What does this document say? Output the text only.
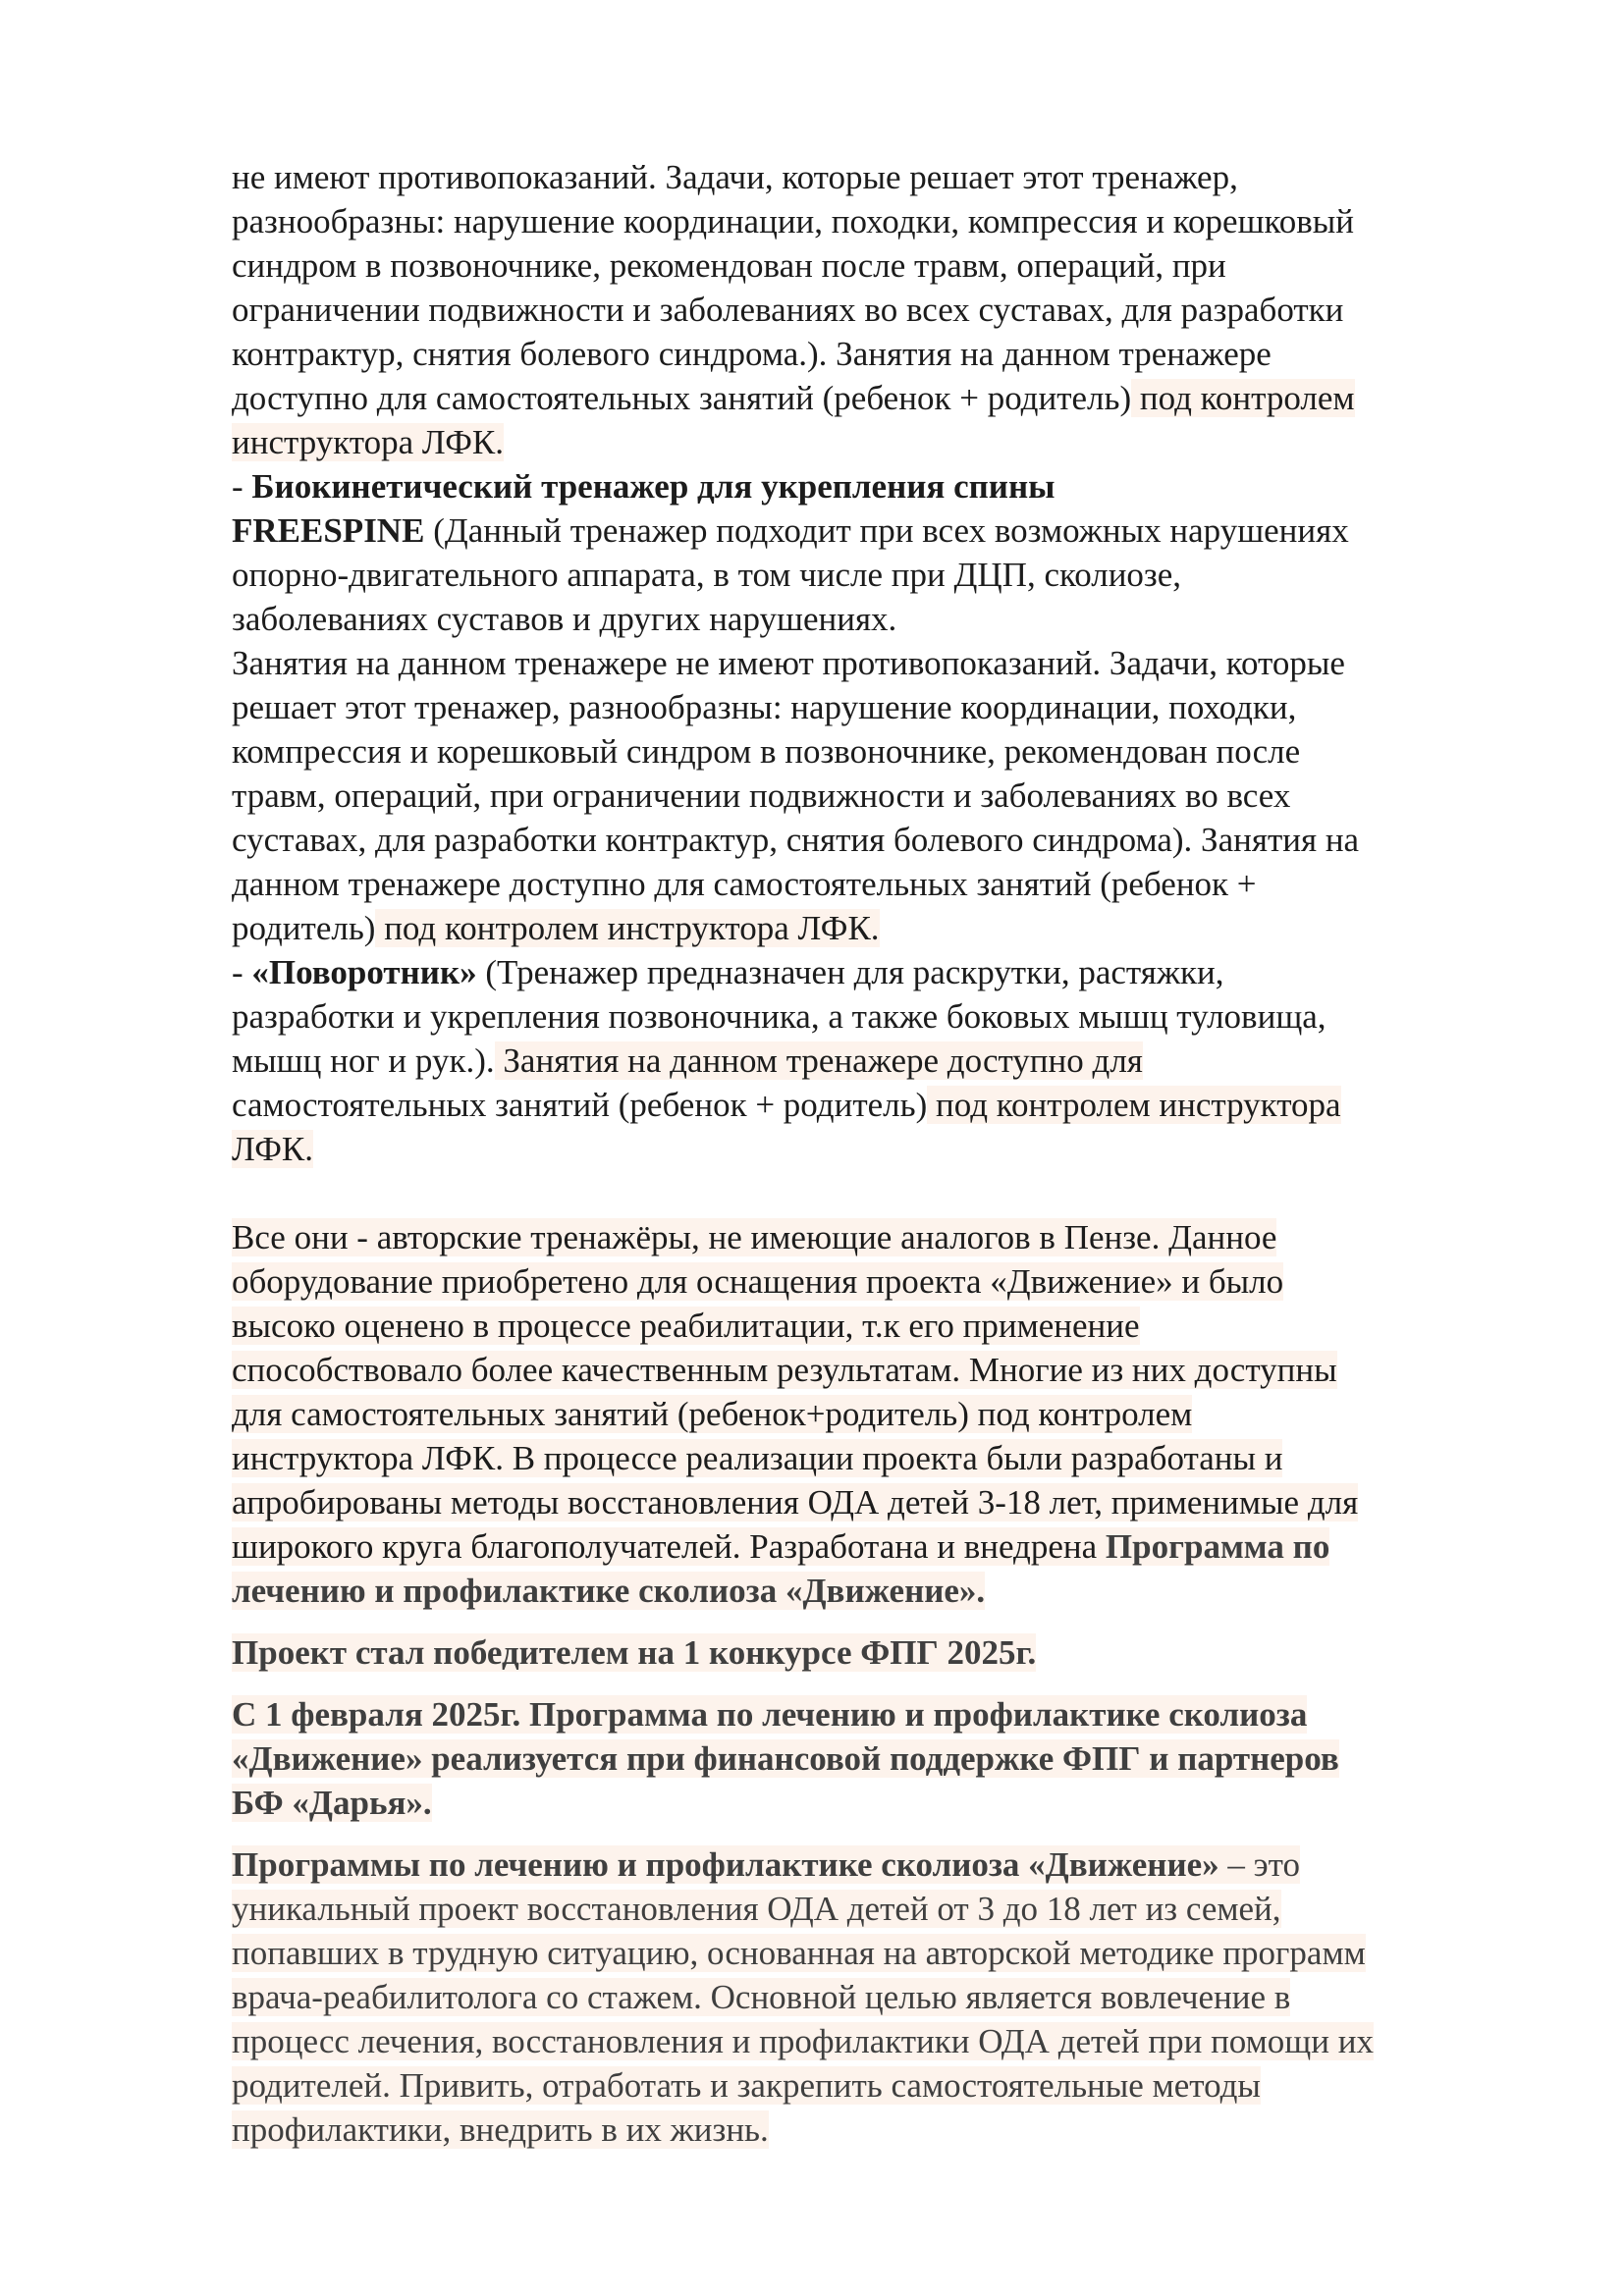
не имеют противопоказаний. Задачи, которые решает этот тренажер,
разнообразны: нарушение координации, походки, компрессия и корешковый
синдром в позвоночнике, рекомендован после травм, операций, при
ограничении подвижности и заболеваниях во всех суставах, для разработки
контрактур, снятия болевого синдрома.). Занятия на данном тренажере
доступно для самостоятельных занятий (ребенок + родитель) под контролем
инструктора ЛФК.
- Биокинетический тренажер для укрепления спины
FREESPINE (Данный тренажер подходит при всех возможных нарушениях
опорно-двигательного аппарата, в том числе при ДЦП, сколиозе,
заболеваниях суставов и других нарушениях.
Занятия на данном тренажере не имеют противопоказаний. Задачи, которые
решает этот тренажер, разнообразны: нарушение координации, походки,
компрессия и корешковый синдром в позвоночнике, рекомендован после
травм, операций, при ограничении подвижности и заболеваниях во всех
суставах, для разработки контрактур, снятия болевого синдрома). Занятия на
данном тренажере доступно для самостоятельных занятий (ребенок +
родитель) под контролем инструктора ЛФК.
- «Поворотник» (Тренажер предназначен для раскрутки, растяжки,
разработки и укрепления позвоночника, а также боковых мышц туловища,
мышц ног и рук.). Занятия на данном тренажере доступно для
самостоятельных занятий (ребенок + родитель) под контролем инструктора
ЛФК.
Все они - авторские тренажёры, не имеющие аналогов в Пензе. Данное
оборудование приобретено для оснащения проекта «Движение» и было
высоко оценено в процессе реабилитации, т.к его применение
способствовало более качественным результатам. Многие из них доступны
для самостоятельных занятий (ребенок+родитель) под контролем
инструктора ЛФК. В процессе реализации проекта были разработаны и
апробированы методы восстановления ОДА детей 3-18 лет, применимые для
широкого круга благополучателей. Разработана и внедрена Программа по
лечению и профилактике сколиоза «Движение».
Проект стал победителем на 1 конкурсе ФПГ 2025г.
С 1 февраля 2025г. Программа по лечению и профилактике сколиоза
«Движение» реализуется при финансовой поддержке ФПГ и партнеров
БФ «Дарья».
Программы по лечению и профилактике сколиоза «Движение» – это
уникальный проект восстановления ОДА детей от 3 до 18 лет из семей,
попавших в трудную ситуацию, основанная на авторской методике программ
врача-реабилитолога со стажем. Основной целью является вовлечение в
процесс лечения, восстановления и профилактики ОДА детей при помощи их
родителей. Привить, отработать и закрепить самостоятельные методы
профилактики, внедрить в их жизнь.
